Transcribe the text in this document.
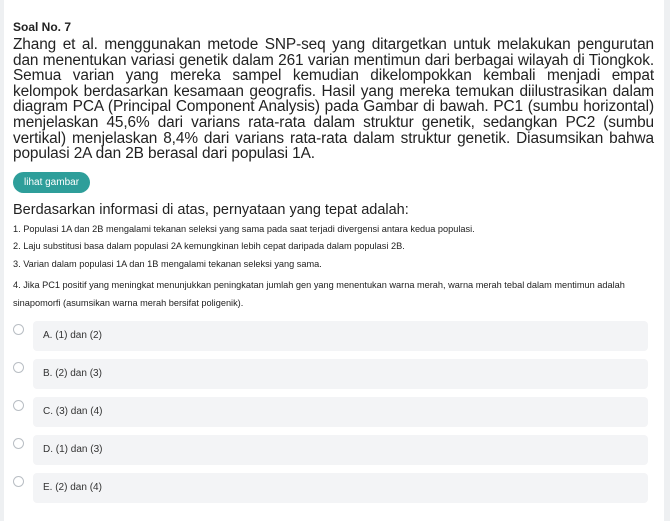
Soal No. 7

Zhang et al. menggunakan metode SNP-seq yang ditargetkan untuk melakukan pengurutan dan menentukan variasi genetik dalam 261 varian mentimun dari berbagai wilayah di Tiongkok. Semua varian yang mereka sampel kemudian dikelompokkan kembali menjadi empat kelompok berdasarkan kesamaan geografis. Hasil yang mereka temukan diilustrasikan dalam diagram PCA (Principal Component Analysis) pada Gambar di bawah. PC1 (sumbu horizontal) menjelaskan 45,6% dari varians rata-rata dalam struktur genetik, sedangkan PC2 (sumbu vertikal) menjelaskan 8,4% dari varians rata-rata dalam struktur genetik. Diasumsikan bahwa populasi 2A dan 2B berasal dari populasi 1A.

lihat gambar
Berdasarkan informasi di atas, pernyataan yang tepat adalah:
1. Populasi 1A dan 2B mengalami tekanan seleksi yang sama pada saat terjadi divergensi antara kedua populasi.
2. Laju substitusi basa dalam populasi 2A kemungkinan lebih cepat daripada dalam populasi 2B.
3. Varian dalam populasi 1A dan 1B mengalami tekanan seleksi yang sama.
4. Jika PC1 positif yang meningkat menunjukkan peningkatan jumlah gen yang menentukan warna merah, warna merah tebal dalam mentimun adalah sinapomorfi (asumsikan warna merah bersifat poligenik).
A. (1) dan (2)
B. (2) dan (3)
C. (3) dan (4)
D. (1) dan (3)
E. (2) dan (4)
